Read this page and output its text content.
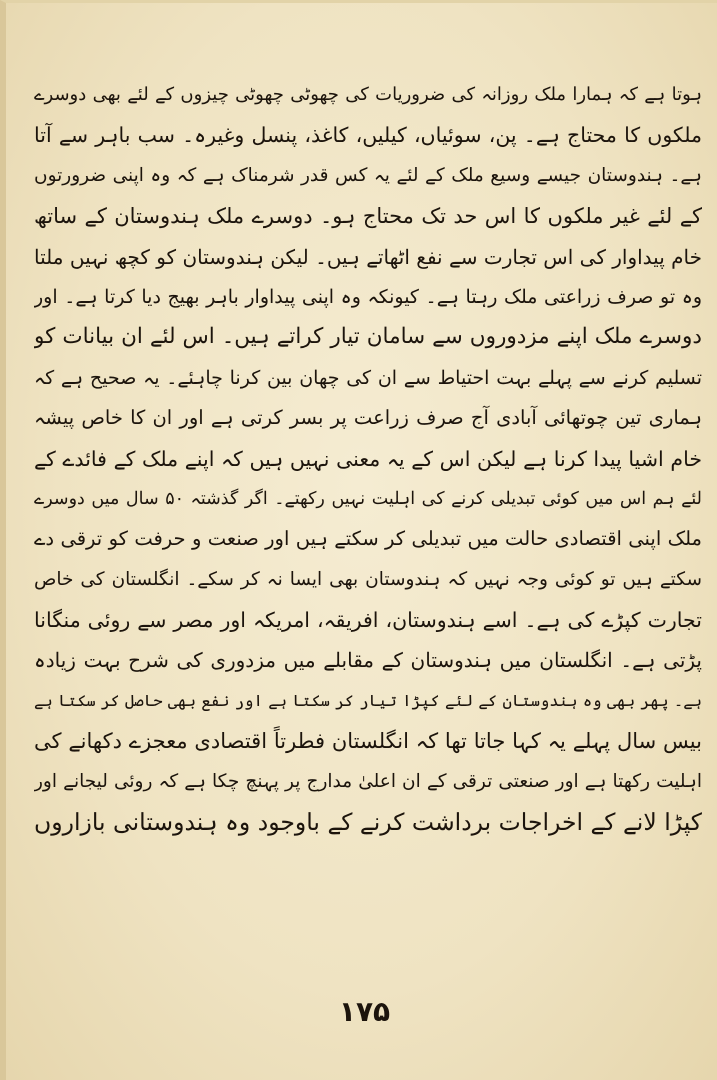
ہوتا ہے کہ ہمارا ملک روزانہ کی ضروریات کی چھوٹی چھوٹی چیزوں کے لئے بھی دوسرے
ملکوں کا محتاج ہے۔ پن، سوئیاں، کیلیں، کاغذ، پنسل وغیرہ۔ سب باہر سے آتا
ہے۔ ہندوستان جیسے وسیع ملک کے لئے یہ کس قدر شرمناک ہے کہ وہ اپنی ضرورتوں
کے لئے غیر ملکوں کا اس حد تک محتاج ہو۔ دوسرے ملک ہندوستان کے ساتھ
خام پیداوار کی اس تجارت سے نفع اٹھاتے ہیں۔ لیکن ہندوستان کو کچھ نہیں ملتا
وہ تو صرف زراعتی ملک رہتا ہے۔ کیونکہ وہ اپنی پیداوار باہر بھیج دیا کرتا ہے۔ اور
دوسرے ملک اپنے مزدوروں سے سامان تیار کراتے ہیں۔ اس لئے ان بیانات کو
تسلیم کرنے سے پہلے بہت احتیاط سے ان کی چھان بین کرنا چاہئے۔ یہ صحیح ہے کہ
ہماری تین چوتھائی آبادی آج صرف زراعت پر بسر کرتی ہے اور ان کا خاص پیشہ
خام اشیا پیدا کرنا ہے لیکن اس کے یہ معنی نہیں ہیں کہ اپنے ملک کے فائدے کے
لئے ہم اس میں کوئی تبدیلی کرنے کی اہلیت نہیں رکھتے۔ اگر گذشتہ ۵۰ سال میں دوسرے
ملک اپنی اقتصادی حالت میں تبدیلی کر سکتے ہیں اور صنعت و حرفت کو ترقی دے
سکتے ہیں تو کوئی وجہ نہیں کہ ہندوستان بھی ایسا نہ کر سکے۔ انگلستان کی خاص
تجارت کپڑے کی ہے۔ اسے ہندوستان، افریقہ، امریکہ اور مصر سے روئی منگانا
پڑتی ہے۔ انگلستان میں ہندوستان کے مقابلے میں مزدوری کی شرح بہت زیادہ
ہے۔ پھر بھی وہ ہندوستان کے لئے کپڑا تیار کر سکتا ہے اور نفع بھی حاصل کر سکتا ہے
بیس سال پہلے یہ کہا جاتا تھا کہ انگلستان فطرتاً اقتصادی معجزے دکھانے کی
اہلیت رکھتا ہے اور صنعتی ترقی کے ان اعلیٰ مدارج پر پہنچ چکا ہے کہ روئی لیجانے اور
کپڑا لانے کے اخراجات برداشت کرنے کے باوجود وہ ہندوستانی بازاروں
۱۷۵
